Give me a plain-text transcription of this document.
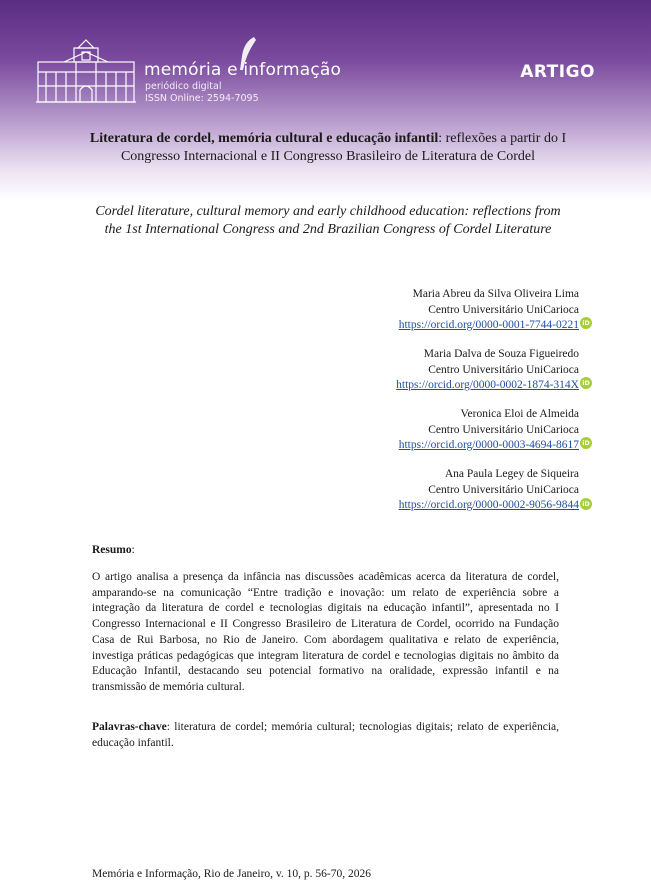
memória e informação
periódico digital
ISSN Online: 2594-7095
ARTIGO
Literatura de cordel, memória cultural e educação infantil: reflexões a partir do I Congresso Internacional e II Congresso Brasileiro de Literatura de Cordel
Cordel literature, cultural memory and early childhood education: reflections from the 1st International Congress and 2nd Brazilian Congress of Cordel Literature
Maria Abreu da Silva Oliveira Lima
Centro Universitário UniCarioca
https://orcid.org/0000-0001-7744-0221 iD
Maria Dalva de Souza Figueiredo
Centro Universitário UniCarioca
https://orcid.org/0000-0002-1874-314X iD
Veronica Eloi de Almeida
Centro Universitário UniCarioca
https://orcid.org/0000-0003-4694-8617 iD
Ana Paula Legey de Siqueira
Centro Universitário UniCarioca
https://orcid.org/0000-0002-9056-9844 iD
Resumo:

O artigo analisa a presença da infância nas discussões acadêmicas acerca da literatura de cordel, amparando-se na comunicação “Entre tradição e inovação: um relato de experiência sobre a integração da literatura de cordel e tecnologias digitais na educação infantil”, apresentada no I Congresso Internacional e II Congresso Brasileiro de Literatura de Cordel, ocorrido na Fundação Casa de Rui Barbosa, no Rio de Janeiro. Com abordagem qualitativa e relato de experiência, investiga práticas pedagógicas que integram literatura de cordel e tecnologias digitais no âmbito da Educação Infantil, destacando seu potencial formativo na oralidade, expressão infantil e na transmissão de memória cultural.

Palavras-chave: literatura de cordel; memória cultural; tecnologias digitais; relato de experiência, educação infantil.

Memória e Informação, Rio de Janeiro, v. 10, p. 56-70, 2026
